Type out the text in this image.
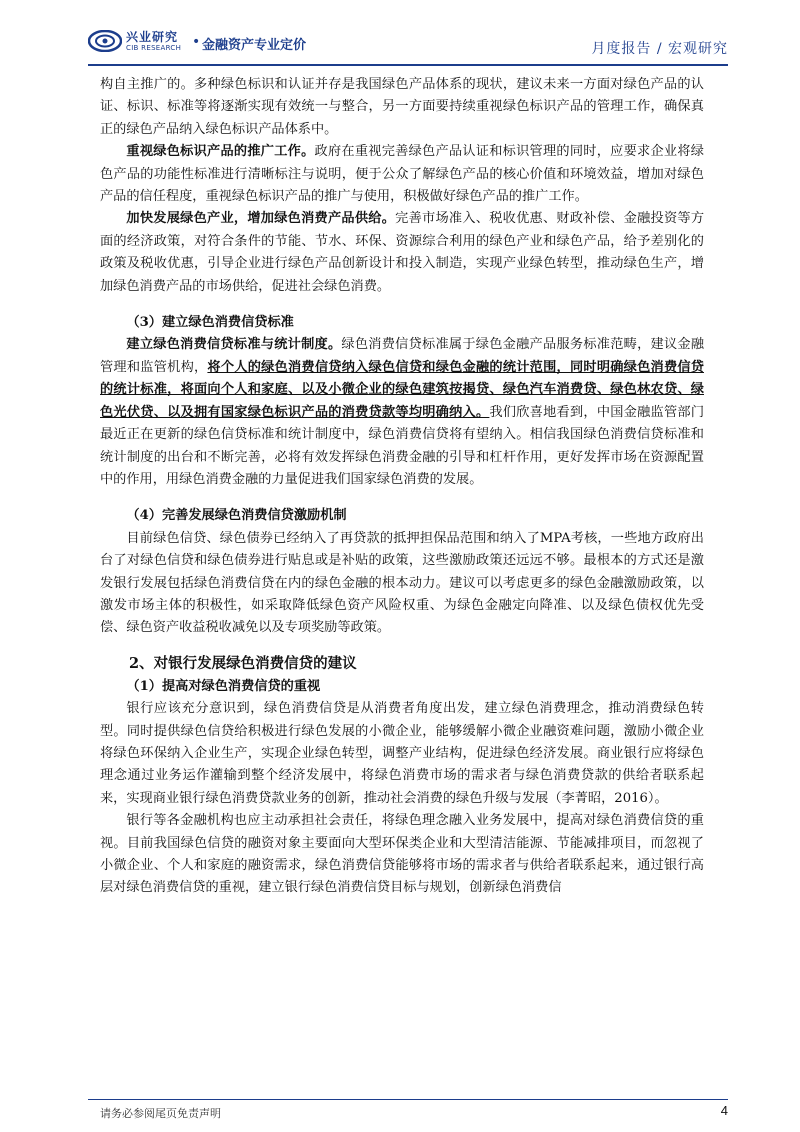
兴业研究
CIB RESEARCH • 金融资产专业定价	月度报告 / 宏观研究

构自主推广的。多种绿色标识和认证并存是我国绿色产品体系的现状，建议未来一方面对绿色产品的认证、标识、标准等将逐渐实现有效统一与整合，另一方面要持续重视绿色标识产品的管理工作，确保真正的绿色产品纳入绿色标识产品体系中。

重视绿色标识产品的推广工作。政府在重视完善绿色产品认证和标识管理的同时，应要求企业将绿色产品的功能性标准进行清晰标注与说明，便于公众了解绿色产品的核心价值和环境效益，增加对绿色产品的信任程度，重视绿色标识产品的推广与使用，积极做好绿色产品的推广工作。

加快发展绿色产业，增加绿色消费产品供给。完善市场准入、税收优惠、财政补偿、金融投资等方面的经济政策，对符合条件的节能、节水、环保、资源综合利用的绿色产业和绿色产品，给予差别化的政策及税收优惠，引导企业进行绿色产品创新设计和投入制造，实现产业绿色转型，推动绿色生产，增加绿色消费产品的市场供给，促进社会绿色消费。

（3）建立绿色消费信贷标准

建立绿色消费信贷标准与统计制度。绿色消费信贷标准属于绿色金融产品服务标准范畴，建议金融管理和监管机构，将个人的绿色消费信贷纳入绿色信贷和绿色金融的统计范围，同时明确绿色消费信贷的统计标准，将面向个人和家庭、以及小微企业的绿色建筑按揭贷、绿色汽车消费贷、绿色林农贷、绿色光伏贷、以及拥有国家绿色标识产品的消费贷款等均明确纳入。我们欣喜地看到，中国金融监管部门最近正在更新的绿色信贷标准和统计制度中，绿色消费信贷将有望纳入。相信我国绿色消费信贷标准和统计制度的出台和不断完善，必将有效发挥绿色消费金融的引导和杠杆作用，更好发挥市场在资源配置中的作用，用绿色消费金融的力量促进我们国家绿色消费的发展。

（4）完善发展绿色消费信贷激励机制

目前绿色信贷、绿色债券已经纳入了再贷款的抵押担保品范围和纳入了MPA考核，一些地方政府出台了对绿色信贷和绿色债券进行贴息或是补贴的政策，这些激励政策还远远不够。最根本的方式还是激发银行发展包括绿色消费信贷在内的绿色金融的根本动力。建议可以考虑更多的绿色金融激励政策，以激发市场主体的积极性，如采取降低绿色资产风险权重、为绿色金融定向降准、以及绿色债权优先受偿、绿色资产收益税收减免以及专项奖励等政策。

2、对银行发展绿色消费信贷的建议

（1）提高对绿色消费信贷的重视

银行应该充分意识到，绿色消费信贷是从消费者角度出发，建立绿色消费理念，推动消费绿色转型。同时提供绿色信贷给积极进行绿色发展的小微企业，能够缓解小微企业融资难问题，激励小微企业将绿色环保纳入企业生产，实现企业绿色转型，调整产业结构，促进绿色经济发展。商业银行应将绿色理念通过业务运作灌输到整个经济发展中，将绿色消费市场的需求者与绿色消费贷款的供给者联系起来，实现商业银行绿色消费贷款业务的创新，推动社会消费的绿色升级与发展（李菁昭，2016）。

银行等各金融机构也应主动承担社会责任，将绿色理念融入业务发展中，提高对绿色消费信贷的重视。目前我国绿色信贷的融资对象主要面向大型环保类企业和大型清洁能源、节能减排项目，而忽视了小微企业、个人和家庭的融资需求，绿色消费信贷能够将市场的需求者与供给者联系起来，通过银行高层对绿色消费信贷的重视，建立银行绿色消费信贷目标与规划，创新绿色消费信

请务必参阅尾页免责声明	4
